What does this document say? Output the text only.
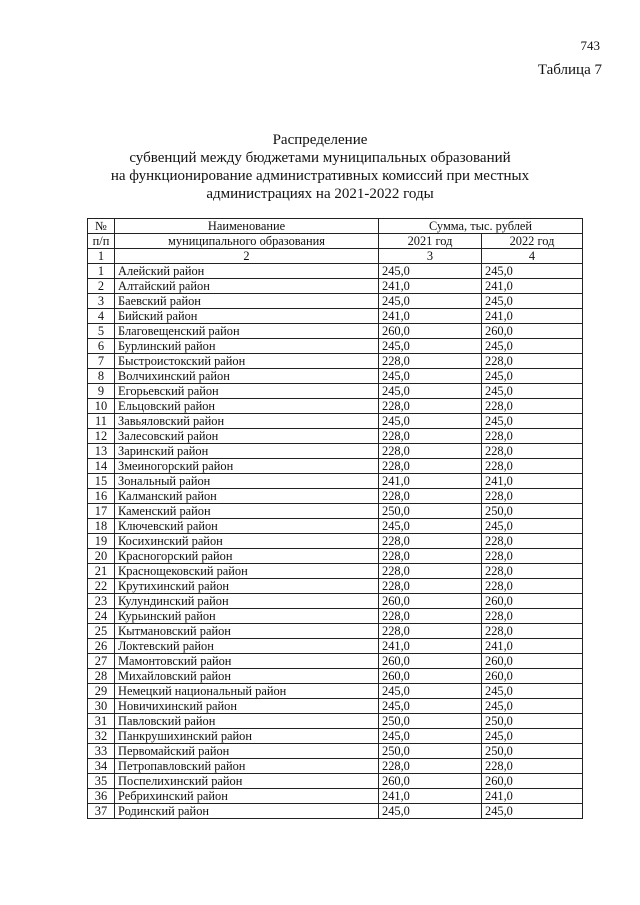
743
Таблица 7
Распределение
субвенций между бюджетами муниципальных образований
на функционирование административных комиссий при местных
администрациях на 2021-2022 годы
№	Наименование	Сумма, тыс. рублей	
п/п	муниципального образования	2021 год	2022 год
1	2	3	4
1	Алейский район	245,0	245,0
2	Алтайский район	241,0	241,0
3	Баевский район	245,0	245,0
4	Бийский район	241,0	241,0
5	Благовещенский район	260,0	260,0
6	Бурлинский район	245,0	245,0
7	Быстроистокский район	228,0	228,0
8	Волчихинский район	245,0	245,0
9	Егорьевский район	245,0	245,0
10	Ельцовский район	228,0	228,0
11	Завьяловский район	245,0	245,0
12	Залесовский район	228,0	228,0
13	Заринский район	228,0	228,0
14	Змеиногорский район	228,0	228,0
15	Зональный район	241,0	241,0
16	Калманский район	228,0	228,0
17	Каменский район	250,0	250,0
18	Ключевский район	245,0	245,0
19	Косихинский район	228,0	228,0
20	Красногорский район	228,0	228,0
21	Краснощековский район	228,0	228,0
22	Крутихинский район	228,0	228,0
23	Кулундинский район	260,0	260,0
24	Курьинский район	228,0	228,0
25	Кытмановский район	228,0	228,0
26	Локтевский район	241,0	241,0
27	Мамонтовский район	260,0	260,0
28	Михайловский район	260,0	260,0
29	Немецкий национальный район	245,0	245,0
30	Новичихинский район	245,0	245,0
31	Павловский район	250,0	250,0
32	Панкрушихинский район	245,0	245,0
33	Первомайский район	250,0	250,0
34	Петропавловский район	228,0	228,0
35	Поспелихинский район	260,0	260,0
36	Ребрихинский район	241,0	241,0
37	Родинский район	245,0	245,0
